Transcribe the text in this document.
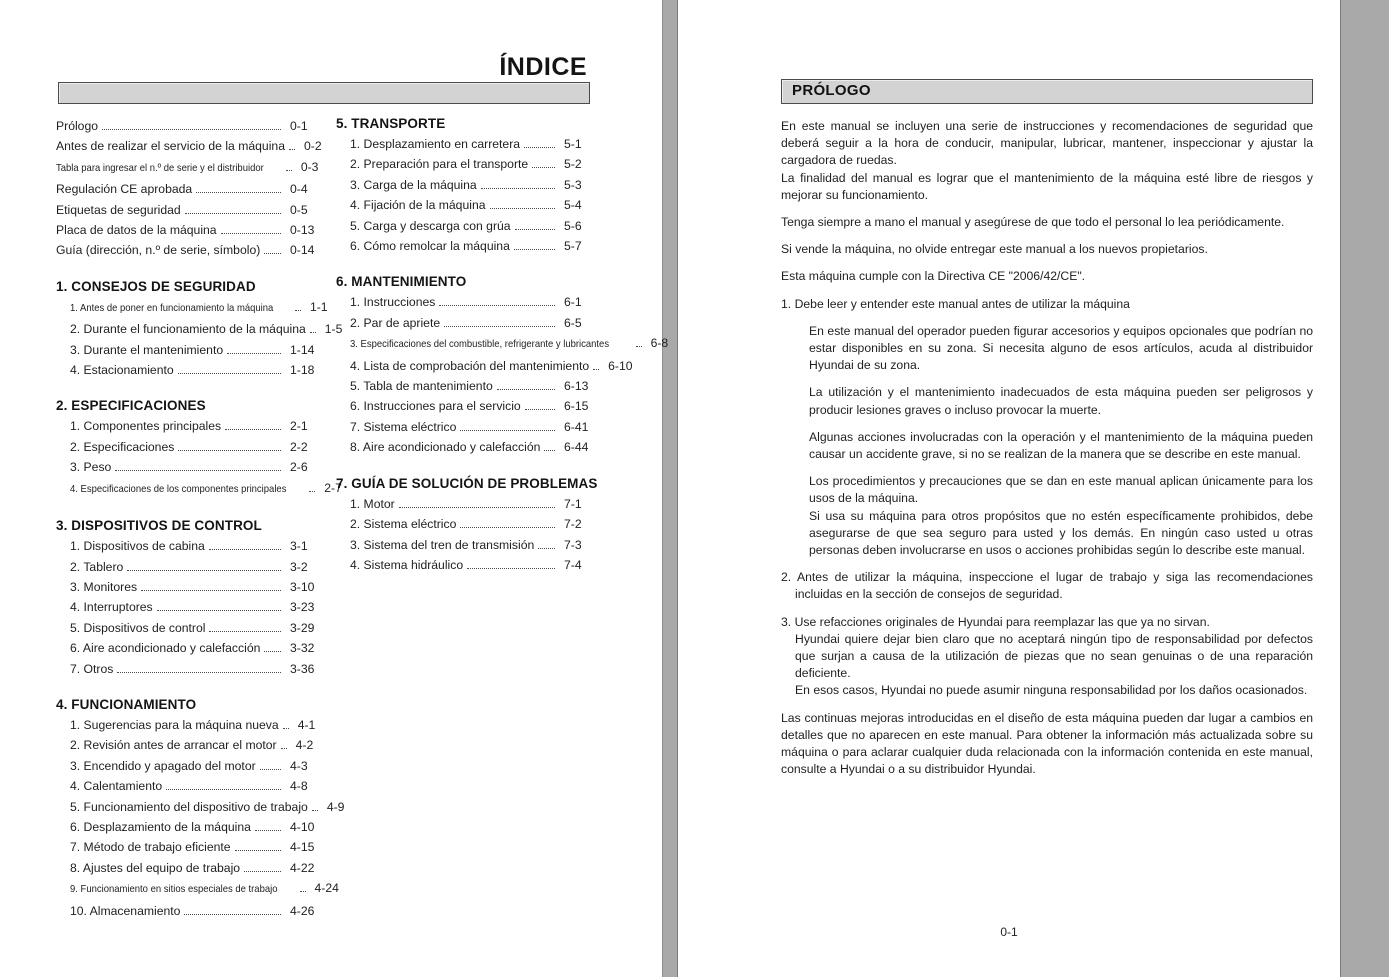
ÍNDICE
Prólogo	0-1
Antes de realizar el servicio de la máquina	0-2
Tabla para ingresar el n.º de serie y el distribuidor	0-3
Regulación CE aprobada	0-4
Etiquetas de seguridad	0-5
Placa de datos de la máquina	0-13
Guía (dirección, n.º de serie, símbolo)	0-14
1. CONSEJOS DE SEGURIDAD
1. Antes de poner en funcionamiento la máquina	1-1
2. Durante el funcionamiento de la máquina	1-5
3. Durante el mantenimiento	1-14
4. Estacionamiento	1-18
2. ESPECIFICACIONES
1. Componentes principales	2-1
2. Especificaciones	2-2
3. Peso	2-6
4. Especificaciones de los componentes principales	2-7
3. DISPOSITIVOS DE CONTROL
1. Dispositivos de cabina	3-1
2. Tablero	3-2
3. Monitores	3-10
4. Interruptores	3-23
5. Dispositivos de control	3-29
6. Aire acondicionado y calefacción	3-32
7. Otros	3-36
4. FUNCIONAMIENTO
1. Sugerencias para la máquina nueva	4-1
2. Revisión antes de arrancar el motor	4-2
3. Encendido y apagado del motor	4-3
4. Calentamiento	4-8
5. Funcionamiento del dispositivo de trabajo	4-9
6. Desplazamiento de la máquina	4-10
7. Método de trabajo eficiente	4-15
8. Ajustes del equipo de trabajo	4-22
9. Funcionamiento en sitios especiales de trabajo	4-24
10. Almacenamiento	4-26
5. TRANSPORTE
1. Desplazamiento en carretera	5-1
2. Preparación para el transporte	5-2
3. Carga de la máquina	5-3
4. Fijación de la máquina	5-4
5. Carga y descarga con grúa	5-6
6. Cómo remolcar la máquina	5-7
6. MANTENIMIENTO
1. Instrucciones	6-1
2. Par de apriete	6-5
3. Especificaciones del combustible, refrigerante y lubricantes	6-8
4. Lista de comprobación del mantenimiento	6-10
5. Tabla de mantenimiento	6-13
6. Instrucciones para el servicio	6-15
7. Sistema eléctrico	6-41
8. Aire acondicionado y calefacción	6-44
7. GUÍA DE SOLUCIÓN DE PROBLEMAS
1. Motor	7-1
2. Sistema eléctrico	7-2
3. Sistema del tren de transmisión	7-3
4. Sistema hidráulico	7-4
PRÓLOGO
En este manual se incluyen una serie de instrucciones y recomendaciones de seguridad que deberá seguir a la hora de conducir, manipular, lubricar, mantener, inspeccionar y ajustar la cargadora de ruedas.
La finalidad del manual es lograr que el mantenimiento de la máquina esté libre de riesgos y mejorar su funcionamiento.
Tenga siempre a mano el manual y asegúrese de que todo el personal lo lea periódicamente.
Si vende la máquina, no olvide entregar este manual a los nuevos propietarios.
Esta máquina cumple con la Directiva CE "2006/42/CE".
1. Debe leer y entender este manual antes de utilizar la máquina
En este manual del operador pueden figurar accesorios y equipos opcionales que podrían no estar disponibles en su zona. Si necesita alguno de esos artículos, acuda al distribuidor Hyundai de su zona.
La utilización y el mantenimiento inadecuados de esta máquina pueden ser peligrosos y producir lesiones graves o incluso provocar la muerte.
Algunas acciones involucradas con la operación y el mantenimiento de la máquina pueden causar un accidente grave, si no se realizan de la manera que se describe en este manual.
Los procedimientos y precauciones que se dan en este manual aplican únicamente para los usos de la máquina.
Si usa su máquina para otros propósitos que no estén específicamente prohibidos, debe asegurarse de que sea seguro para usted y los demás. En ningún caso usted u otras personas deben involucrarse en usos o acciones prohibidas según lo describe este manual.
2. Antes de utilizar la máquina, inspeccione el lugar de trabajo y siga las recomendaciones incluidas en la sección de consejos de seguridad.
3. Use refacciones originales de Hyundai para reemplazar las que ya no sirvan.
Hyundai quiere dejar bien claro que no aceptará ningún tipo de responsabilidad por defectos que surjan a causa de la utilización de piezas que no sean genuinas o de una reparación deficiente.
En esos casos, Hyundai no puede asumir ninguna responsabilidad por los daños ocasionados.
Las continuas mejoras introducidas en el diseño de esta máquina pueden dar lugar a cambios en detalles que no aparecen en este manual. Para obtener la información más actualizada sobre su máquina o para aclarar cualquier duda relacionada con la información contenida en este manual, consulte a Hyundai o a su distribuidor Hyundai.
0-1
